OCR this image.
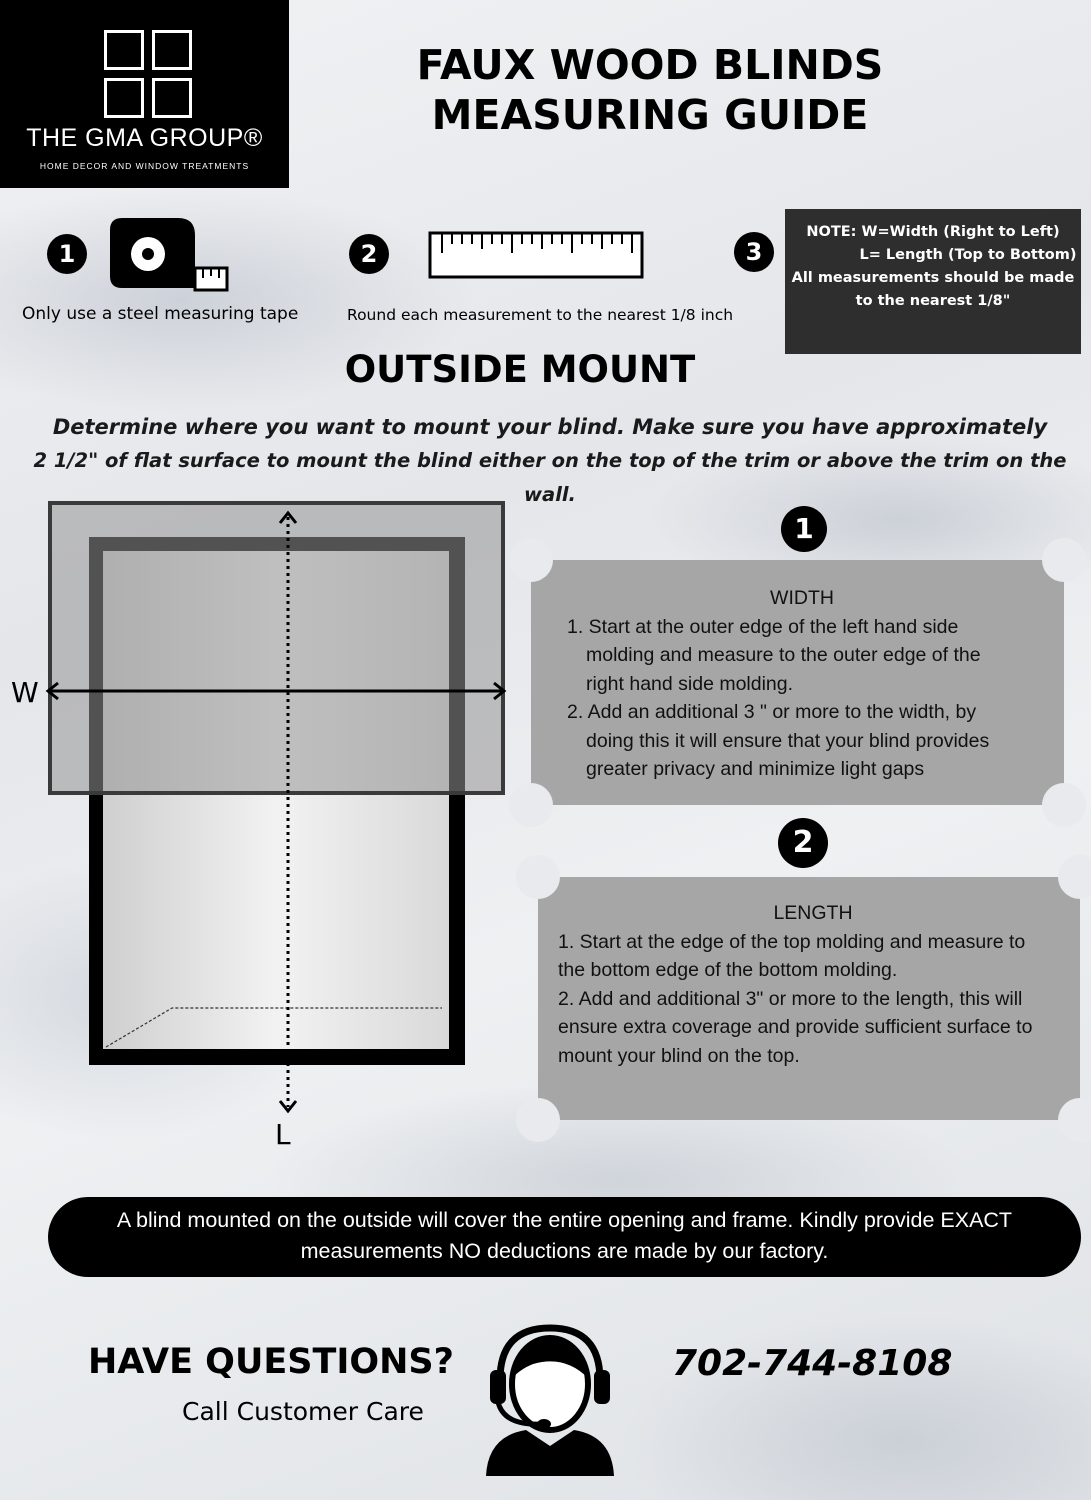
THE GMA GROUP®
HOME DECOR AND WINDOW TREATMENTS
FAUX WOOD BLINDS
MEASURING GUIDE
1
Only use a steel measuring tape
2
Round each measurement to the nearest 1/8 inch
3
NOTE: W=Width (Right to Left)
L= Length (Top to Bottom)
All measurements should be made
to the nearest 1/8"
OUTSIDE MOUNT
Determine where you want to mount your blind. Make sure you have approximately
2 1/2" of flat surface to mount the blind either on the top of the trim or above the trim on the wall.
W
L
1
WIDTH

1. Start at the outer edge of the left hand side

molding and measure to the outer edge of the

right hand side molding.

2. Add an additional 3 " or more to the width, by

doing this it will ensure that your blind provides

greater privacy and minimize light gaps

2
LENGTH

1. Start at the edge of the top molding and measure to

the bottom edge of the bottom molding.

2. Add and additional 3" or more to the length, this will

ensure extra coverage and provide sufficient surface to

mount your blind on the top.

A blind mounted on the outside will cover the entire opening and frame. Kindly provide EXACT
measurements NO deductions are made by our factory.
HAVE QUESTIONS?
Call Customer Care
702-744-8108
